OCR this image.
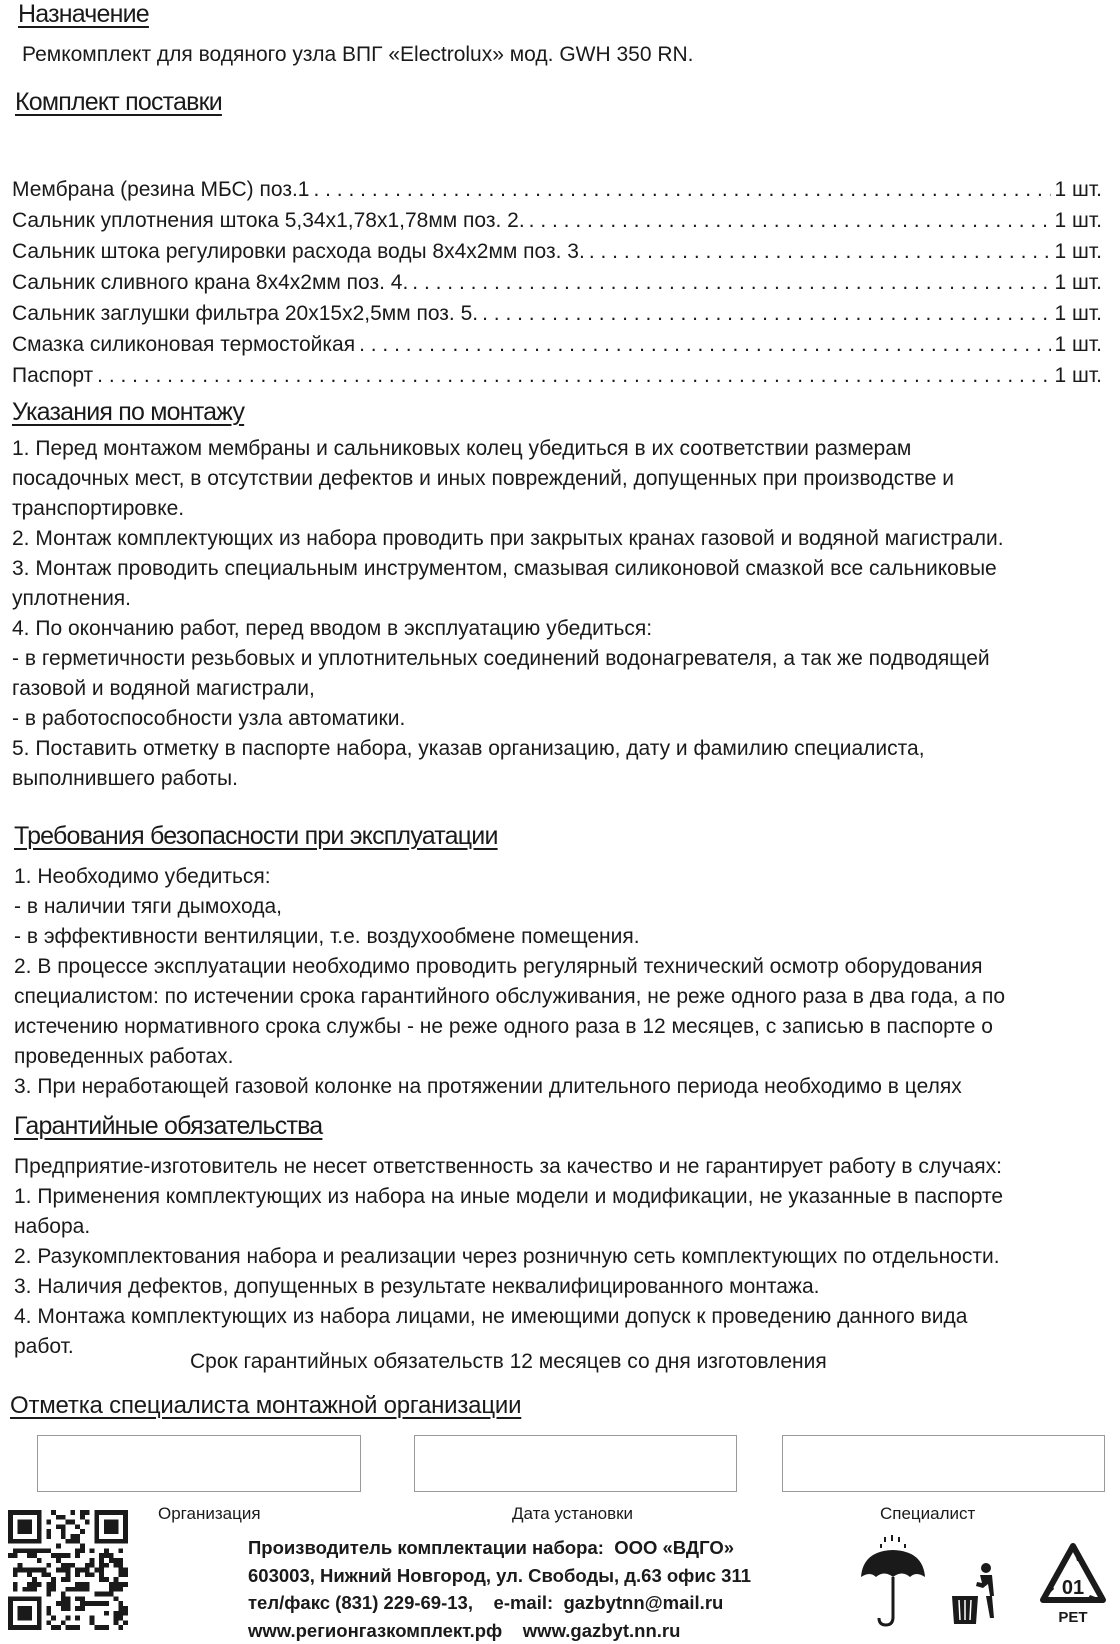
Назначение

Ремкомплект для водяного узла ВПГ «Electrolux» мод. GWH 350 RN.

Комплект поставки
Мембрана (резина МБС) поз.1 . . .	1 шт.
Сальник уплотнения штока 5,34x1,78x1,78мм поз. 2. . . .	1 шт.
Сальник штока регулировки расхода воды 8x4x2мм поз. 3. . . .	1 шт.
Сальник сливного крана 8x4x2мм поз. 4. . . .	1 шт.
Сальник заглушки фильтра 20x15x2,5мм поз. 5. . . .	1 шт.
Смазка силиконовая термостойкая . . .	1 шт.
Паспорт . . .	1 шт.
Указания по монтажу

1. Перед монтажом мембраны и сальниковых колец убедиться в их соответствии размерам
посадочных мест, в отсутствии дефектов и иных повреждений, допущенных при производстве и
транспортировке.
2. Монтаж комплектующих из набора проводить при закрытых кранах газовой и водяной магистрали.
3. Монтаж проводить специальным инструментом, смазывая силиконовой смазкой все сальниковые
уплотнения.
4. По окончанию работ, перед вводом в эксплуатацию убедиться:
- в герметичности резьбовых и уплотнительных соединений водонагревателя, а так же подводящей
газовой и водяной магистрали,
- в работоспособности узла автоматики.
5. Поставить отметку в паспорте набора, указав организацию, дату и фамилию специалиста,
выполнившего работы.

Требования безопасности при эксплуатации

1. Необходимо убедиться:
- в наличии тяги дымохода,
- в эффективности вентиляции, т.е. воздухообмене помещения.
2. В процессе эксплуатации необходимо проводить регулярный технический осмотр оборудования
специалистом: по истечении срока гарантийного обслуживания, не реже одного раза в два года, а по
истечению нормативного срока службы - не реже одного раза в 12 месяцев, с записью в паспорте о
проведенных работах.
3. При неработающей газовой колонке на протяжении длительного периода необходимо в целях

Гарантийные обязательства

Предприятие-изготовитель не несет ответственность за качество и не гарантирует работу в случаях:
1. Применения комплектующих из набора на иные модели и модификации, не указанные в паспорте
набора.
2. Разукомплектования набора и реализации через розничную сеть комплектующих по отдельности.
3. Наличия дефектов, допущенных в результате неквалифицированного монтажа.
4. Монтажа комплектующих из набора лицами, не имеющими допуск к проведению данного вида
работ.

Срок гарантийных обязательств 12 месяцев со дня изготовления
Отметка специалиста монтажной организации
Организация	Дата установки	Специалист
Производитель комплектации набора:  ООО «ВДГО»
603003, Нижний Новгород, ул. Свободы, д.63 офис 311
тел/факс (831) 229-69-13,    e-mail:  gazbytnn@mail.ru
www.регионгазкомплект.рф    www.gazbyt.nn.ru
01
PET
